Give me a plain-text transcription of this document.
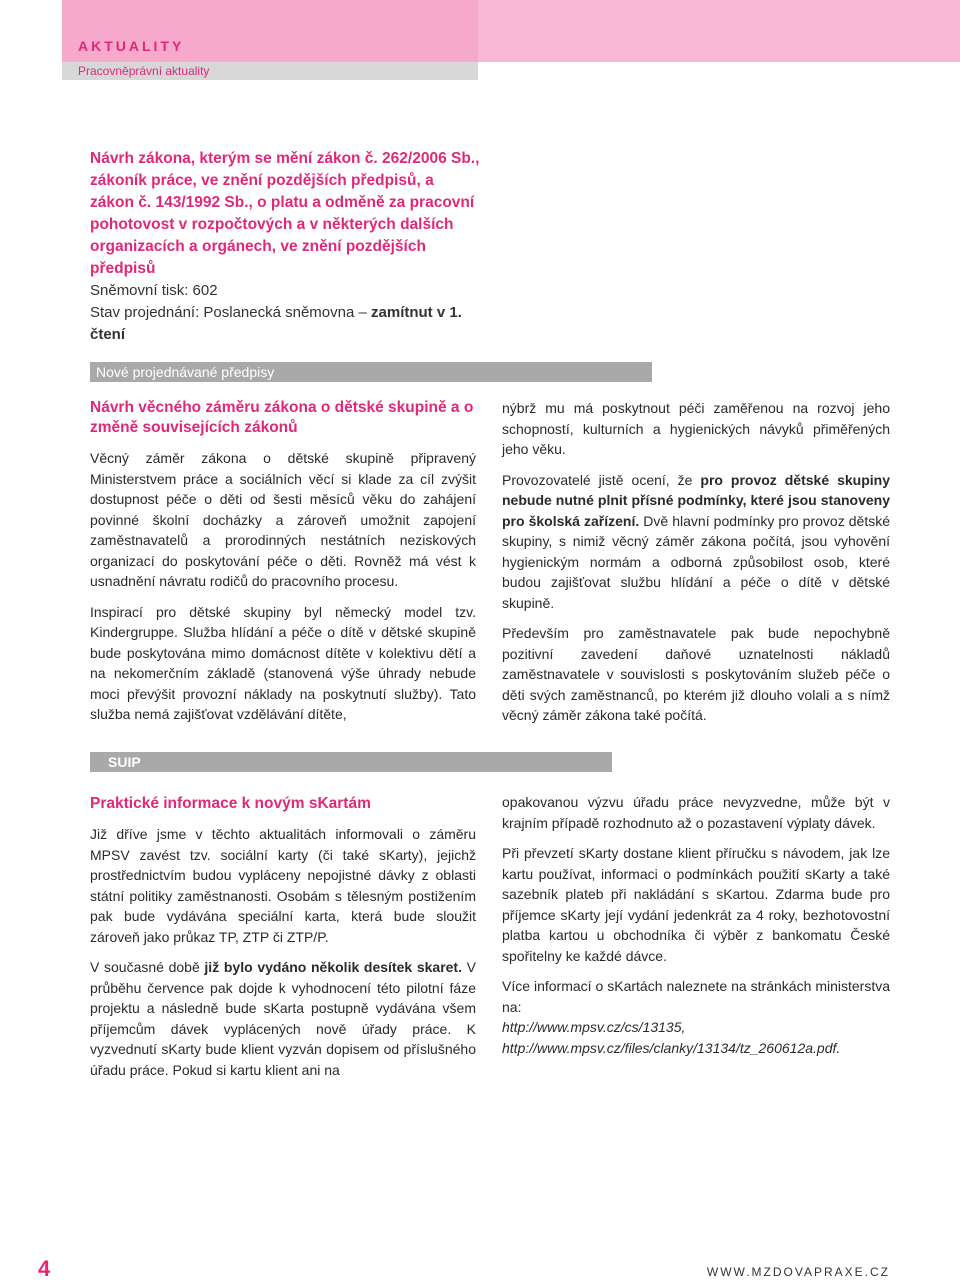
AKTUALITY
Pracovněprávní aktuality
Návrh zákona, kterým se mění zákon č. 262/2006 Sb., zákoník práce, ve znění pozdějších předpisů, a zákon č. 143/1992 Sb., o platu a odměně za pracovní pohotovost v rozpočtových a v některých dalších organizacích a orgánech, ve znění pozdějších předpisů
Sněmovní tisk: 602
Stav projednání: Poslanecká sněmovna – zamítnut v 1. čtení
Nové projednávané předpisy

Návrh věcného záměru zákona o dětské skupině a o změně souvisejících zákonů

Věcný záměr zákona o dětské skupině připravený Ministerstvem práce a sociálních věcí si klade za cíl zvýšit dostupnost péče o děti od šesti měsíců věku do zahájení povinné školní docházky a zároveň umožnit zapojení zaměstnavatelů a prorodinných nestátních neziskových organizací do poskytování péče o děti. Rovněž má vést k usnadnění návratu rodičů do pracovního procesu.

Inspirací pro dětské skupiny byl německý model tzv. Kindergruppe. Služba hlídání a péče o dítě v dětské skupině bude poskytována mimo domácnost dítěte v kolektivu dětí a na nekomerčním základě (stanovená výše úhrady nebude moci převýšit provozní náklady na poskytnutí služby). Tato služba nemá zajišťovat vzdělávání dítěte,

nýbrž mu má poskytnout péči zaměřenou na rozvoj jeho schopností, kulturních a hygienických návyků přiměřených jeho věku.

Provozovatelé jistě ocení, že pro provoz dětské skupiny nebude nutné plnit přísné podmínky, které jsou stanoveny pro školská zařízení. Dvě hlavní podmínky pro provoz dětské skupiny, s nimiž věcný záměr zákona počítá, jsou vyhovění hygienickým normám a odborná způsobilost osob, které budou zajišťovat službu hlídání a péče o dítě v dětské skupině.

Především pro zaměstnavatele pak bude nepochybně pozitivní zavedení daňové uznatelnosti nákladů zaměstnavatele v souvislosti s poskytováním služeb péče o děti svých zaměstnanců, po kterém již dlouho volali a s nímž věcný záměr zákona také počítá.

SUIP

Praktické informace k novým sKartám

Již dříve jsme v těchto aktualitách informovali o záměru MPSV zavést tzv. sociální karty (či také sKarty), jejichž prostřednictvím budou vypláceny nepojistné dávky z oblasti státní politiky zaměstnanosti. Osobám s tělesným postižením pak bude vydávána speciální karta, která bude sloužit zároveň jako průkaz TP, ZTP či ZTP/P.

V současné době již bylo vydáno několik desítek skaret. V průběhu července pak dojde k vyhodnocení této pilotní fáze projektu a následně bude sKarta postupně vydávána všem příjemcům dávek vyplácených nově úřady práce. K vyzvednutí sKarty bude klient vyzván dopisem od příslušného úřadu práce. Pokud si kartu klient ani na

opakovanou výzvu úřadu práce nevyzvedne, může být v krajním případě rozhodnuto až o pozastavení výplaty dávek.

Při převzetí sKarty dostane klient příručku s návodem, jak lze kartu používat, informaci o podmínkách použití sKarty a také sazebník plateb při nakládání s sKartou. Zdarma bude pro příjemce sKarty její vydání jedenkrát za 4 roky, bezhotovostní platba kartou u obchodníka či výběr z bankomatu České spořitelny ke každé dávce.

Více informací o sKartách naleznete na stránkách ministerstva na:
http://www.mpsv.cz/cs/13135,
http://www.mpsv.cz/files/clanky/13134/tz_260612a.pdf.

4	WWW.MZDOVAPRAXE.CZ
